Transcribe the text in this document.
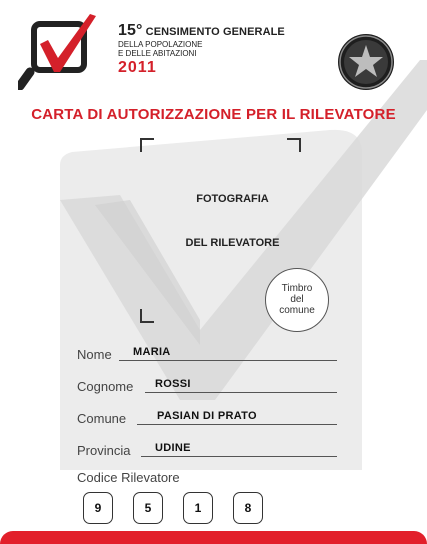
15° CENSIMENTO GENERALE
DELLA POPOLAZIONE
E DELLE ABITAZIONI
2011
CARTA DI AUTORIZZAZIONE PER IL RILEVATORE
FOTOGRAFIA
DEL RILEVATORE
Timbro
del
comune
Nome MARIA
Cognome ROSSI
Comune	PASIAN DI PRATO
Provincia UDINE
Codice Rilevatore
9	5	1	8
